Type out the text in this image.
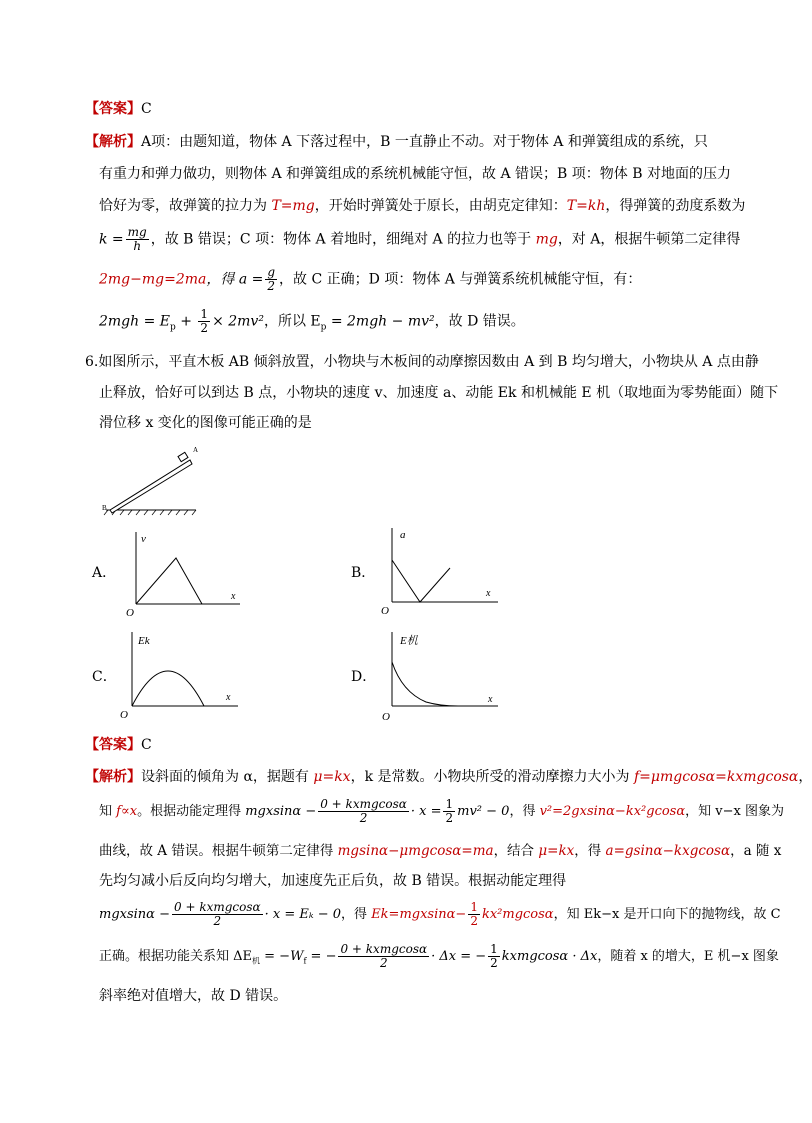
【答案】C
【解析】A项：由题知道，物体 A 下落过程中，B 一直静止不动。对于物体 A 和弹簧组成的系统，只
有重力和弹力做功，则物体 A 和弹簧组成的系统机械能守恒，故 A 错误；B 项：物体 B 对地面的压力
恰好为零，故弹簧的拉力为 T=mg，开始时弹簧处于原长，由胡克定律知：T=kh，得弹簧的劲度系数为
$k = \frac{mg}{h}$ ，故 B 错误；C 项：物体 A 着地时，细绳对 A 的拉力也等于 mg，对 A，根据牛顿第二定律得
2mg−mg=2ma，得 $a = \frac{g}{2}$ ，故 C 正确；D 项：物体 A 与弹簧系统机械能守恒，有：
$2mgh = E_p + \frac{1}{2} \times 2mv^2$，所以 $E_p = 2mgh - mv^2$，故 D 错误。
6.如图所示，平直木板 AB 倾斜放置，小物块与木板间的动摩擦因数由 A 到 B 均匀增大，小物块从 A 点由静
止释放，恰好可以到达 B 点，小物块的速度 v、加速度 a、动能 Ek 和机械能 E 机（取地面为零势能面）随下
滑位移 x 变化的图像可能正确的是
A
B
A．
v
x
O
B．
a
x
O
C．
Ek
x
O
D．
E机
x
O
【答案】C
【解析】设斜面的倾角为 α，据题有 μ=kx，k 是常数。小物块所受的滑动摩擦力大小为 f=μmgcosα=kxmgcosα，
知 f∝x。根据动能定理得 $mgxsin\alpha - \frac{\text{0 + kxmgcosα}}{2} \cdot x = \frac{1}{2} mv^2 - 0$，得 v²=2gxsinα−kx²gcosα，知 v−x 图象为
曲线，故 A 错误。根据牛顿第二定律得 mgsinα−μmgcosα=ma，结合 μ=kx，得 a=gsinα−kxgcosα，a 随 x
先均匀减小后反向均匀增大，加速度先正后负，故 B 错误。根据动能定理得
$mgxsin\alpha - \frac{\text{0 + kxmgcosα}}{2} \cdot x = E_k - 0$，得 $Ek=mgxsin\alpha- \frac{1}{2} kx^2mgcos\alpha$，知 Ek−x 是开口向下的抛物线，故 C
正确。根据功能关系知 $\Delta E_机 = -W_f$ = − $\frac{\text{0 + kxmgcosα}}{2} \cdot \Delta x$ = − $\frac{1}{2}$ kxmgcosα · Δx，随着 x 的增大，E 机−x 图象
斜率绝对值增大，故 D 错误。
